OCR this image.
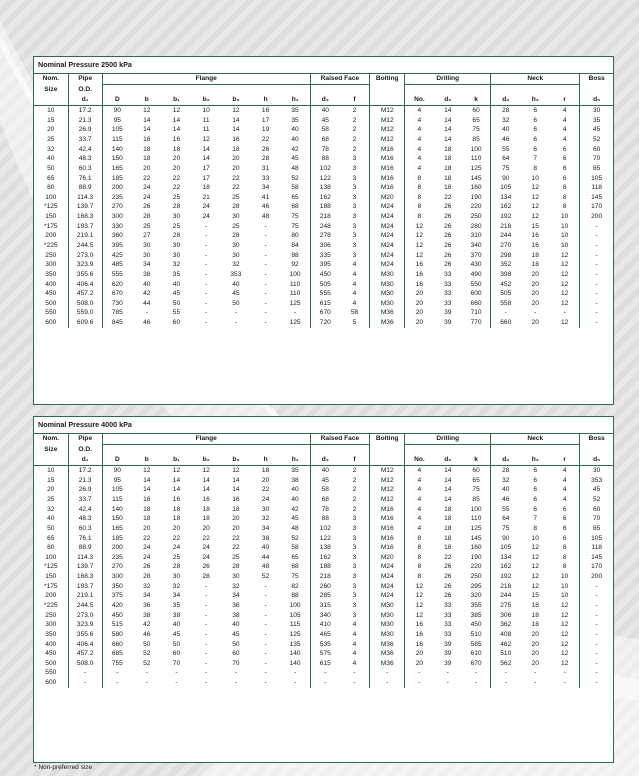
Nominal Pressure 2500 kPa
Nom.	Pipe	Flange							Raised Face		Bolting	Drilling			Neck			Boss
Size	O.D.																	
	d₁	D	b	b₁	b₂	b₃	h	h₁	d₄	f		No.	d₂	k	d₃	h₂	r	d₅
10	17.2	90	12	12	10	12	16	35	40	2	M12	4	14	60	28	6	4	30
15	21.3	95	14	14	11	14	17	35	45	2	M12	4	14	65	32	6	4	35
20	26.9	105	14	14	11	14	19	40	58	2	M12	4	14	75	40	6	4	45
25	33.7	115	16	16	12	16	22	40	68	2	M12	4	14	85	46	6	4	52
32	42.4	140	18	18	14	18	26	42	78	2	M16	4	18	100	55	6	6	60
40	48.3	150	18	20	14	20	28	45	88	3	M16	4	18	110	64	7	6	70
50	60.3	165	20	20	17	20	31	48	102	3	M16	4	18	125	75	8	6	85
65	76.1	185	22	22	17	22	33	52	122	3	M16	8	18	145	90	10	6	105
80	88.9	200	24	22	18	22	34	58	138	3	M16	8	18	160	105	12	8	118
100	114.3	235	24	25	21	25	41	65	162	3	M20	8	22	190	134	12	8	145
*125	139.7	270	26	28	24	28	46	68	188	3	M24	8	26	220	162	12	8	170
150	168.3	300	28	30	24	30	48	75	218	3	M24	8	26	250	192	12	10	200
*175	193.7	330	25	25	-	25	-	75	248	3	M24	12	26	280	218	15	10	-
200	219.1	360	27	28	-	28	-	80	278	3	M24	12	26	310	244	16	10	-
*225	244.5	395	30	30	-	30	-	84	306	3	M24	12	26	340	270	16	10	-
250	273.0	425	30	30	-	30	-	88	335	3	M24	12	26	370	298	18	12	-
300	323.9	485	34	32	-	32	-	92	395	4	M24	16	26	430	352	18	12	-
350	355.6	555	38	35	-	353	-	100	450	4	M30	16	33	490	398	20	12	-
400	406.4	620	40	40	-	40	-	110	505	4	M30	16	33	550	452	20	12	-
450	457.2	670	42	45	-	45	-	110	555	4	M30	20	33	600	505	20	12	-
500	508.0	730	44	50	-	50	-	125	615	4	M30	20	33	660	558	20	12	-
550	559.0	785	-	55	-	-	-	-	670	58	M36	20	39	710	-	-	-	-
600	609.6	845	46	60	-	-	-	125	720	5	M36	20	39	770	660	20	12	-
Nominal Pressure 4000 kPa
Nom.	Pipe	Flange							Raised Face		Bolting	Drilling			Neck			Boss
Size	O.D.																	
	d₁	D	b	b₁	b₂	b₃	h	h₁	d₄	f		No.	d₂	k	d₃	h₂	r	d₅
10	17.2	90	12	12	12	12	18	35	40	2	M12	4	14	60	28	6	4	30
15	21.3	95	14	14	14	14	20	38	45	2	M12	4	14	65	32	6	4	353
20	26.9	105	14	14	14	14	22	40	58	2	M12	4	14	75	40	6	4	45
25	33.7	115	16	16	16	16	24	40	68	2	M12	4	14	85	46	6	4	52
32	42.4	140	18	18	18	18	30	42	78	2	M16	4	18	100	55	6	6	60
40	48.3	150	18	18	18	20	32	45	88	3	M16	4	18	110	64	7	6	70
50	60.3	165	20	20	20	20	34	48	102	3	M16	4	18	125	75	8	6	85
65	76.1	185	22	22	22	22	38	52	122	3	M16	8	18	145	90	10	6	105
80	88.9	200	24	24	24	22	40	58	138	3	M16	8	18	160	105	12	8	118
100	114.3	235	24	25	24	25	44	65	162	3	M20	8	22	190	134	12	8	145
*125	139.7	270	26	28	26	28	48	68	188	3	M24	8	26	220	162	12	8	170
150	168.3	300	28	30	28	30	52	75	218	3	M24	8	26	250	192	12	10	200
*175	193.7	350	32	32	-	32	-	82	260	3	M24	12	26	295	218	12	10	-
200	219.1	375	34	34	-	34	-	88	285	3	M24	12	26	320	244	15	10	-
*225	244.5	420	36	35	-	36	-	100	315	3	M30	12	33	355	275	18	12	-
250	273.0	450	38	38	-	38	-	105	340	3	M30	12	33	385	306	18	12	-
300	323.9	515	42	40	-	40	-	115	410	4	M30	16	33	450	362	18	12	-
350	355.6	580	46	45	-	45	-	125	465	4	M30	16	33	510	408	20	12	-
400	406.4	660	50	50	-	50	-	135	535	4	M36	16	39	585	462	20	12	-
450	457.2	685	52	60	-	60	-	140	575	4	M36	20	39	610	510	20	12	-
500	508.0	755	52	70	-	70	-	140	615	4	M36	20	39	670	562	20	12	-
550	-	-	-	-	-	-	-	-	-	-	-	-	-	-	-	-	-	-
600	-	-	-	-	-	-	-	-	-	-	-	-	-	-	-	-	-	-
* Non-preferred size
